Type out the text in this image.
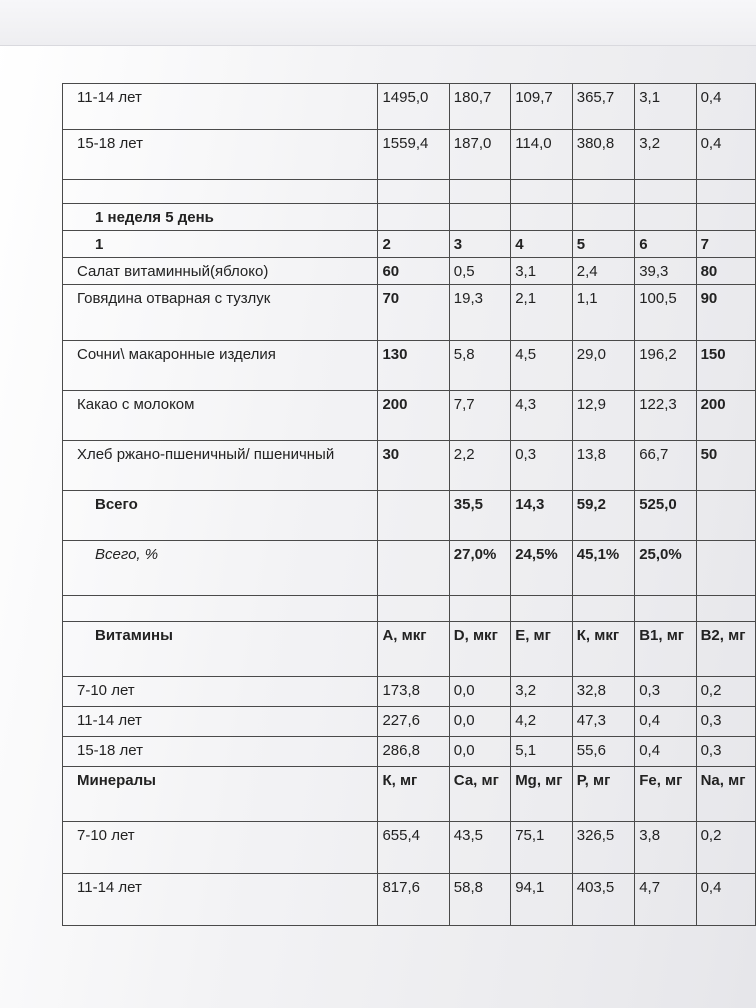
11-14 лет	1495,0	180,7	109,7	365,7	3,1	0,4
15-18 лет	1559,4	187,0	114,0	380,8	3,2	0,4

1 неделя 5 день						
1	2	3	4	5	6	7
Салат витаминный(яблоко)	60	0,5	3,1	2,4	39,3	80
Говядина отварная с тузлук	70	19,3	2,1	1,1	100,5	90
Сочни\ макаронные изделия	130	5,8	4,5	29,0	196,2	150
Какао с молоком	200	7,7	4,3	12,9	122,3	200
Хлеб ржано-пшеничный/ пшеничный	30	2,2	0,3	13,8	66,7	50
Всего		35,5	14,3	59,2	525,0	
Всего, %		27,0%	24,5%	45,1%	25,0%	

Витамины	А, мкг	D, мкг	Е, мг	К, мкг	В1, мг	В2, мг
7-10 лет	173,8	0,0	3,2	32,8	0,3	0,2
11-14 лет	227,6	0,0	4,2	47,3	0,4	0,3
15-18 лет	286,8	0,0	5,1	55,6	0,4	0,3
Минералы	К, мг	Са, мг	Mg, мг	Р, мг	Fe, мг	Na, мг
7-10 лет	655,4	43,5	75,1	326,5	3,8	0,2
11-14 лет	817,6	58,8	94,1	403,5	4,7	0,4
